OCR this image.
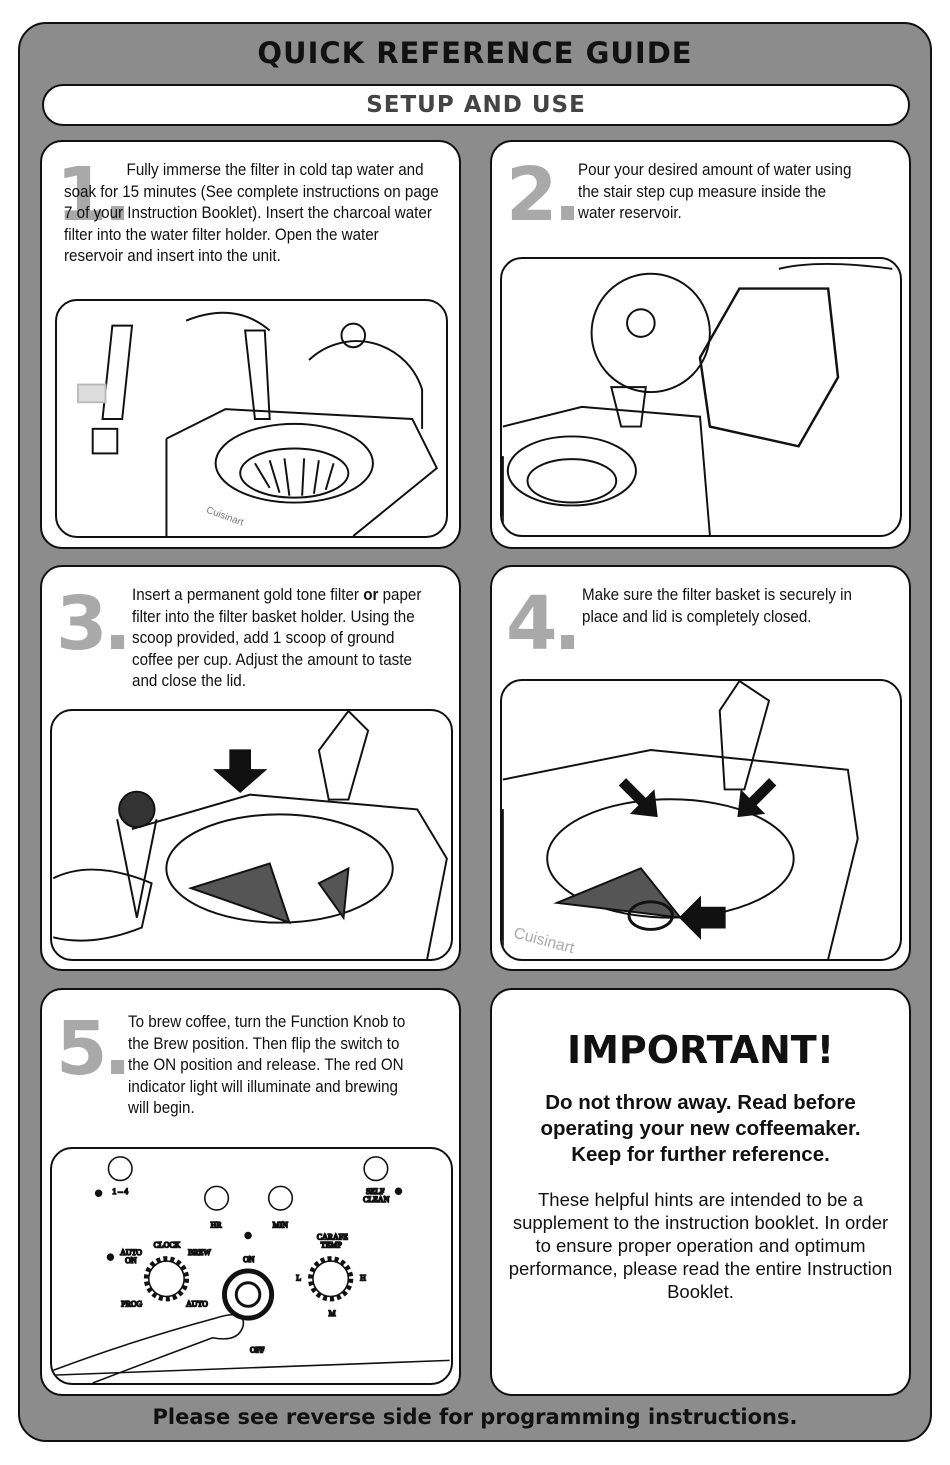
QUICK REFERENCE GUIDE
SETUP AND USE
1.
Fully immerse the filter in cold tap water and soak for 15 minutes (See complete instructions on page 7 of your Instruction Booklet). Insert the charcoal water filter into the water filter holder. Open the water reservoir and insert into the unit.
Cuisinart
2. Pour your desired amount of water using the stair step cup measure inside the water reservoir.
3. Insert a permanent gold tone filter or paper filter into the filter basket holder. Using the scoop provided, add 1 scoop of ground coffee per cup. Adjust the amount to taste and close the lid.
4. Make sure the filter basket is securely in place and lid is completely closed.
Cuisinart
5. To brew coffee, turn the Function Knob to the Brew position. Then flip the switch to the ON position and release. The red ON indicator light will illuminate and brewing will begin.
1 – 4	SELF
CLEAN
HR	MIN
AUTO
ON
CLOCK
BREW
PROG	AUTO
ON
OFF
CARAFE
TEMP
L	H
M
IMPORTANT!
Do not throw away. Read before operating your new coffeemaker. Keep for further reference.
These helpful hints are intended to be a supplement to the instruction booklet. In order to ensure proper operation and optimum performance, please read the entire Instruction Booklet.
Please see reverse side for programming instructions.
